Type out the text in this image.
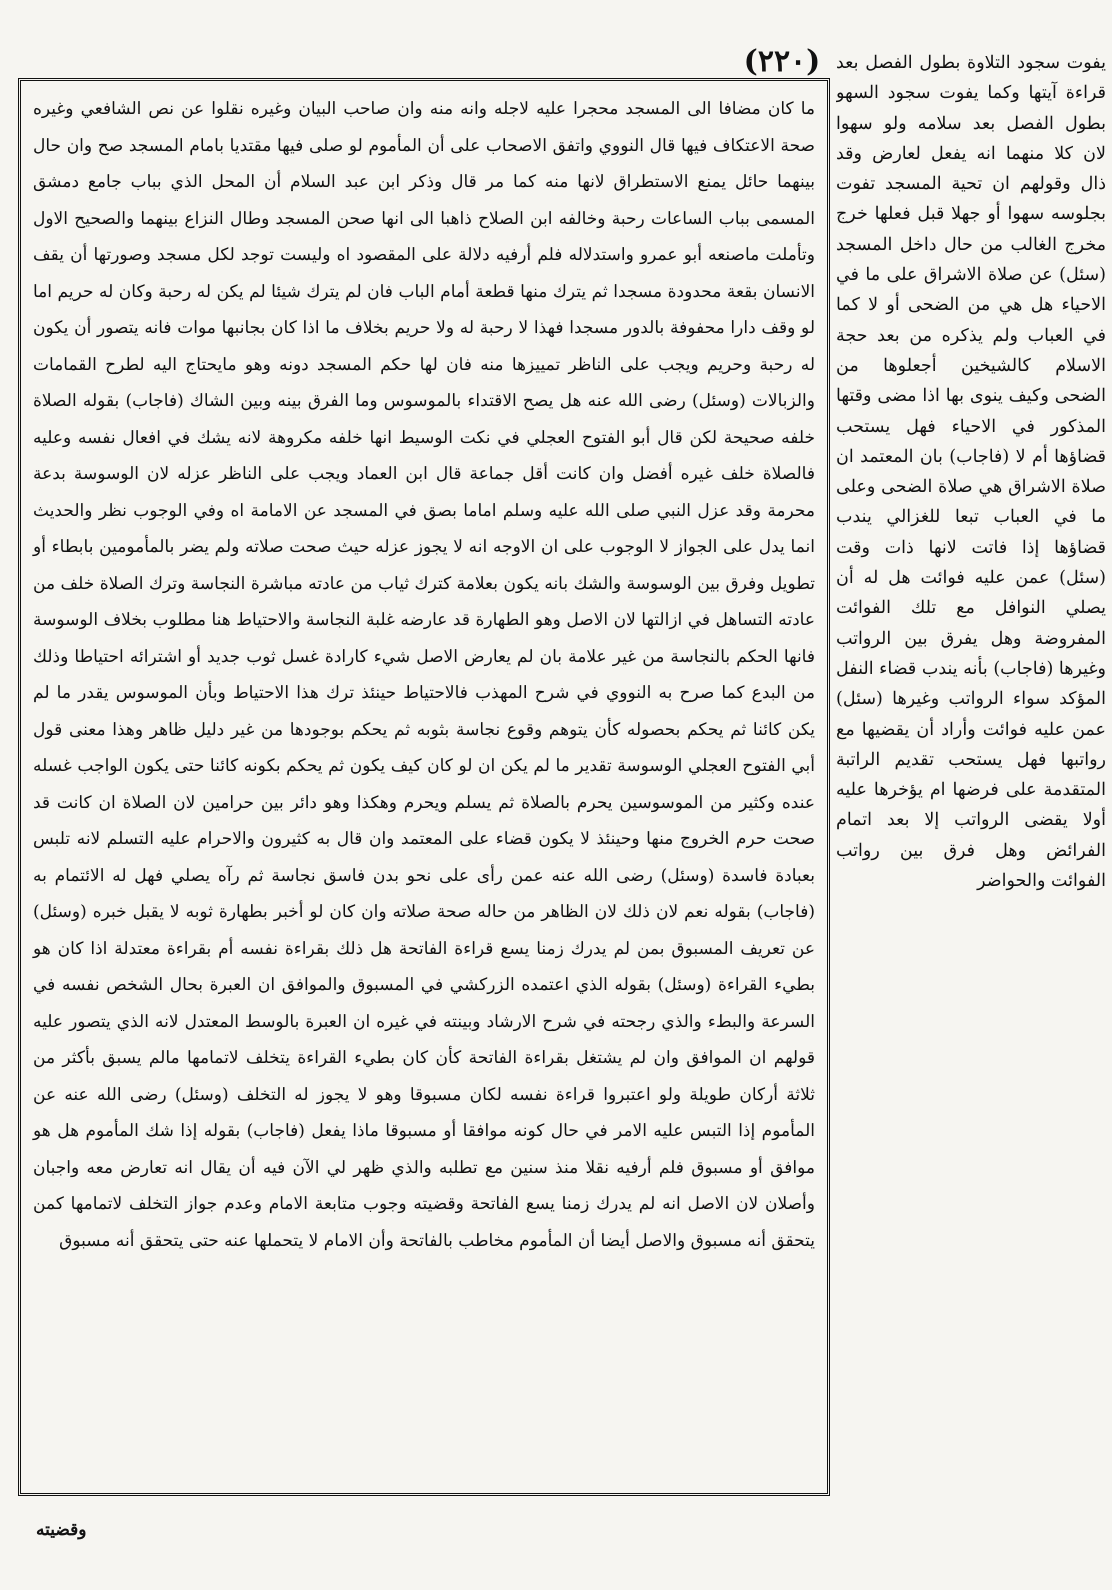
(٢٢٠)

ما كان مضافا الى المسجد محجرا عليه لاجله وانه منه وان صاحب البيان وغيره نقلوا عن نص الشافعي وغيره صحة الاعتكاف فيها قال النووي واتفق الاصحاب على أن المأموم لو صلى فيها مقتديا بامام المسجد صح وان حال بينهما حائل يمنع الاستطراق لانها منه كما مر قال وذكر ابن عبد السلام أن المحل الذي بباب جامع دمشق المسمى بباب الساعات رحبة وخالفه ابن الصلاح ذاهبا الى انها صحن المسجد وطال النزاع بينهما والصحيح الاول وتأملت ماصنعه أبو عمرو واستدلاله فلم أرفيه دلالة على المقصود اه وليست توجد لكل مسجد وصورتها أن يقف الانسان بقعة محدودة مسجدا ثم يترك منها قطعة أمام الباب فان لم يترك شيئا لم يكن له رحبة وكان له حريم اما لو وقف دارا محفوفة بالدور مسجدا فهذا لا رحبة له ولا حريم بخلاف ما اذا كان بجانبها موات فانه يتصور أن يكون له رحبة وحريم ويجب على الناظر تمييزها منه فان لها حكم المسجد دونه وهو مايحتاج اليه لطرح القمامات والزبالات (وسئل) رضى الله عنه هل يصح الاقتداء بالموسوس وما الفرق بينه وبين الشاك (فاجاب) بقوله الصلاة خلفه صحيحة لكن قال أبو الفتوح العجلي في نكت الوسيط انها خلفه مكروهة لانه يشك في افعال نفسه وعليه فالصلاة خلف غيره أفضل وان كانت أقل جماعة قال ابن العماد ويجب على الناظر عزله لان الوسوسة بدعة محرمة وقد عزل النبي صلى الله عليه وسلم اماما بصق في المسجد عن الامامة اه وفي الوجوب نظر والحديث انما يدل على الجواز لا الوجوب على ان الاوجه انه لا يجوز عزله حيث صحت صلاته ولم يضر بالمأمومين بابطاء أو تطويل وفرق بين الوسوسة والشك بانه يكون بعلامة كترك ثياب من عادته مباشرة النجاسة وترك الصلاة خلف من عادته التساهل في ازالتها لان الاصل وهو الطهارة قد عارضه غلبة النجاسة والاحتياط هنا مطلوب بخلاف الوسوسة فانها الحكم بالنجاسة من غير علامة بان لم يعارض الاصل شيء كارادة غسل ثوب جديد أو اشترائه احتياطا وذلك من البدع كما صرح به النووي في شرح المهذب فالاحتياط حينئذ ترك هذا الاحتياط وبأن الموسوس يقدر ما لم يكن كائنا ثم يحكم بحصوله كأن يتوهم وقوع نجاسة بثوبه ثم يحكم بوجودها من غير دليل ظاهر وهذا معنى قول أبي الفتوح العجلي الوسوسة تقدير ما لم يكن ان لو كان كيف يكون ثم يحكم بكونه كائنا حتى يكون الواجب غسله عنده وكثير من الموسوسين يحرم بالصلاة ثم يسلم ويحرم وهكذا وهو دائر بين حرامين لان الصلاة ان كانت قد صحت حرم الخروج منها وحينئذ لا يكون قضاء على المعتمد وان قال به كثيرون والاحرام عليه التسلم لانه تلبس بعبادة فاسدة (وسئل) رضى الله عنه عمن رأى على نحو بدن فاسق نجاسة ثم رآه يصلي فهل له الائتمام به (فاجاب) بقوله نعم لان ذلك لان الظاهر من حاله صحة صلاته وان كان لو أخبر بطهارة ثوبه لا يقبل خبره (وسئل) عن تعريف المسبوق بمن لم يدرك زمنا يسع قراءة الفاتحة هل ذلك بقراءة نفسه أم بقراءة معتدلة اذا كان هو بطيء القراءة (وسئل) بقوله الذي اعتمده الزركشي في المسبوق والموافق ان العبرة بحال الشخص نفسه في السرعة والبطء والذي رجحته في شرح الارشاد وبينته في غيره ان العبرة بالوسط المعتدل لانه الذي يتصور عليه قولهم ان الموافق وان لم يشتغل بقراءة الفاتحة كأن كان بطيء القراءة يتخلف لاتمامها مالم يسبق بأكثر من ثلاثة أركان طويلة ولو اعتبروا قراءة نفسه لكان مسبوقا وهو لا يجوز له التخلف (وسئل) رضى الله عنه عن المأموم إذا التبس عليه الامر في حال كونه موافقا أو مسبوقا ماذا يفعل (فاجاب) بقوله إذا شك المأموم هل هو موافق أو مسبوق فلم أرفيه نقلا منذ سنين مع تطلبه والذي ظهر لي الآن فيه أن يقال انه تعارض معه واجبان وأصلان لان الاصل انه لم يدرك زمنا يسع الفاتحة وقضيته وجوب متابعة الامام وعدم جواز التخلف لاتمامها كمن يتحقق أنه مسبوق والاصل أيضا أن المأموم مخاطب بالفاتحة وأن الامام لا يتحملها عنه حتى يتحقق أنه مسبوق

يفوت سجود التلاوة بطول الفصل بعد قراءة آيتها وكما يفوت سجود السهو بطول الفصل بعد سلامه ولو سهوا لان كلا منهما انه يفعل لعارض وقد ذال وقولهم ان تحية المسجد تفوت بجلوسه سهوا أو جهلا قبل فعلها خرج مخرج الغالب من حال داخل المسجد (سئل) عن صلاة الاشراق على ما في الاحياء هل هي من الضحى أو لا كما في العباب ولم يذكره من بعد حجة الاسلام كالشيخين أجعلوها من الضحى وكيف ينوى بها اذا مضى وقتها المذكور في الاحياء فهل يستحب قضاؤها أم لا (فاجاب) بان المعتمد ان صلاة الاشراق هي صلاة الضحى وعلى ما في العباب تبعا للغزالي يندب قضاؤها إذا فاتت لانها ذات وقت (سئل) عمن عليه فوائت هل له أن يصلي النوافل مع تلك الفوائت المفروضة وهل يفرق بين الرواتب وغيرها (فاجاب) بأنه يندب قضاء النفل المؤكد سواء الرواتب وغيرها (سئل) عمن عليه فوائت وأراد أن يقضيها مع رواتبها فهل يستحب تقديم الراتبة المتقدمة على فرضها ام يؤخرها عليه أولا يقضى الرواتب إلا بعد اتمام الفرائض وهل فرق بين رواتب الفوائت والحواضر

وقضيته
